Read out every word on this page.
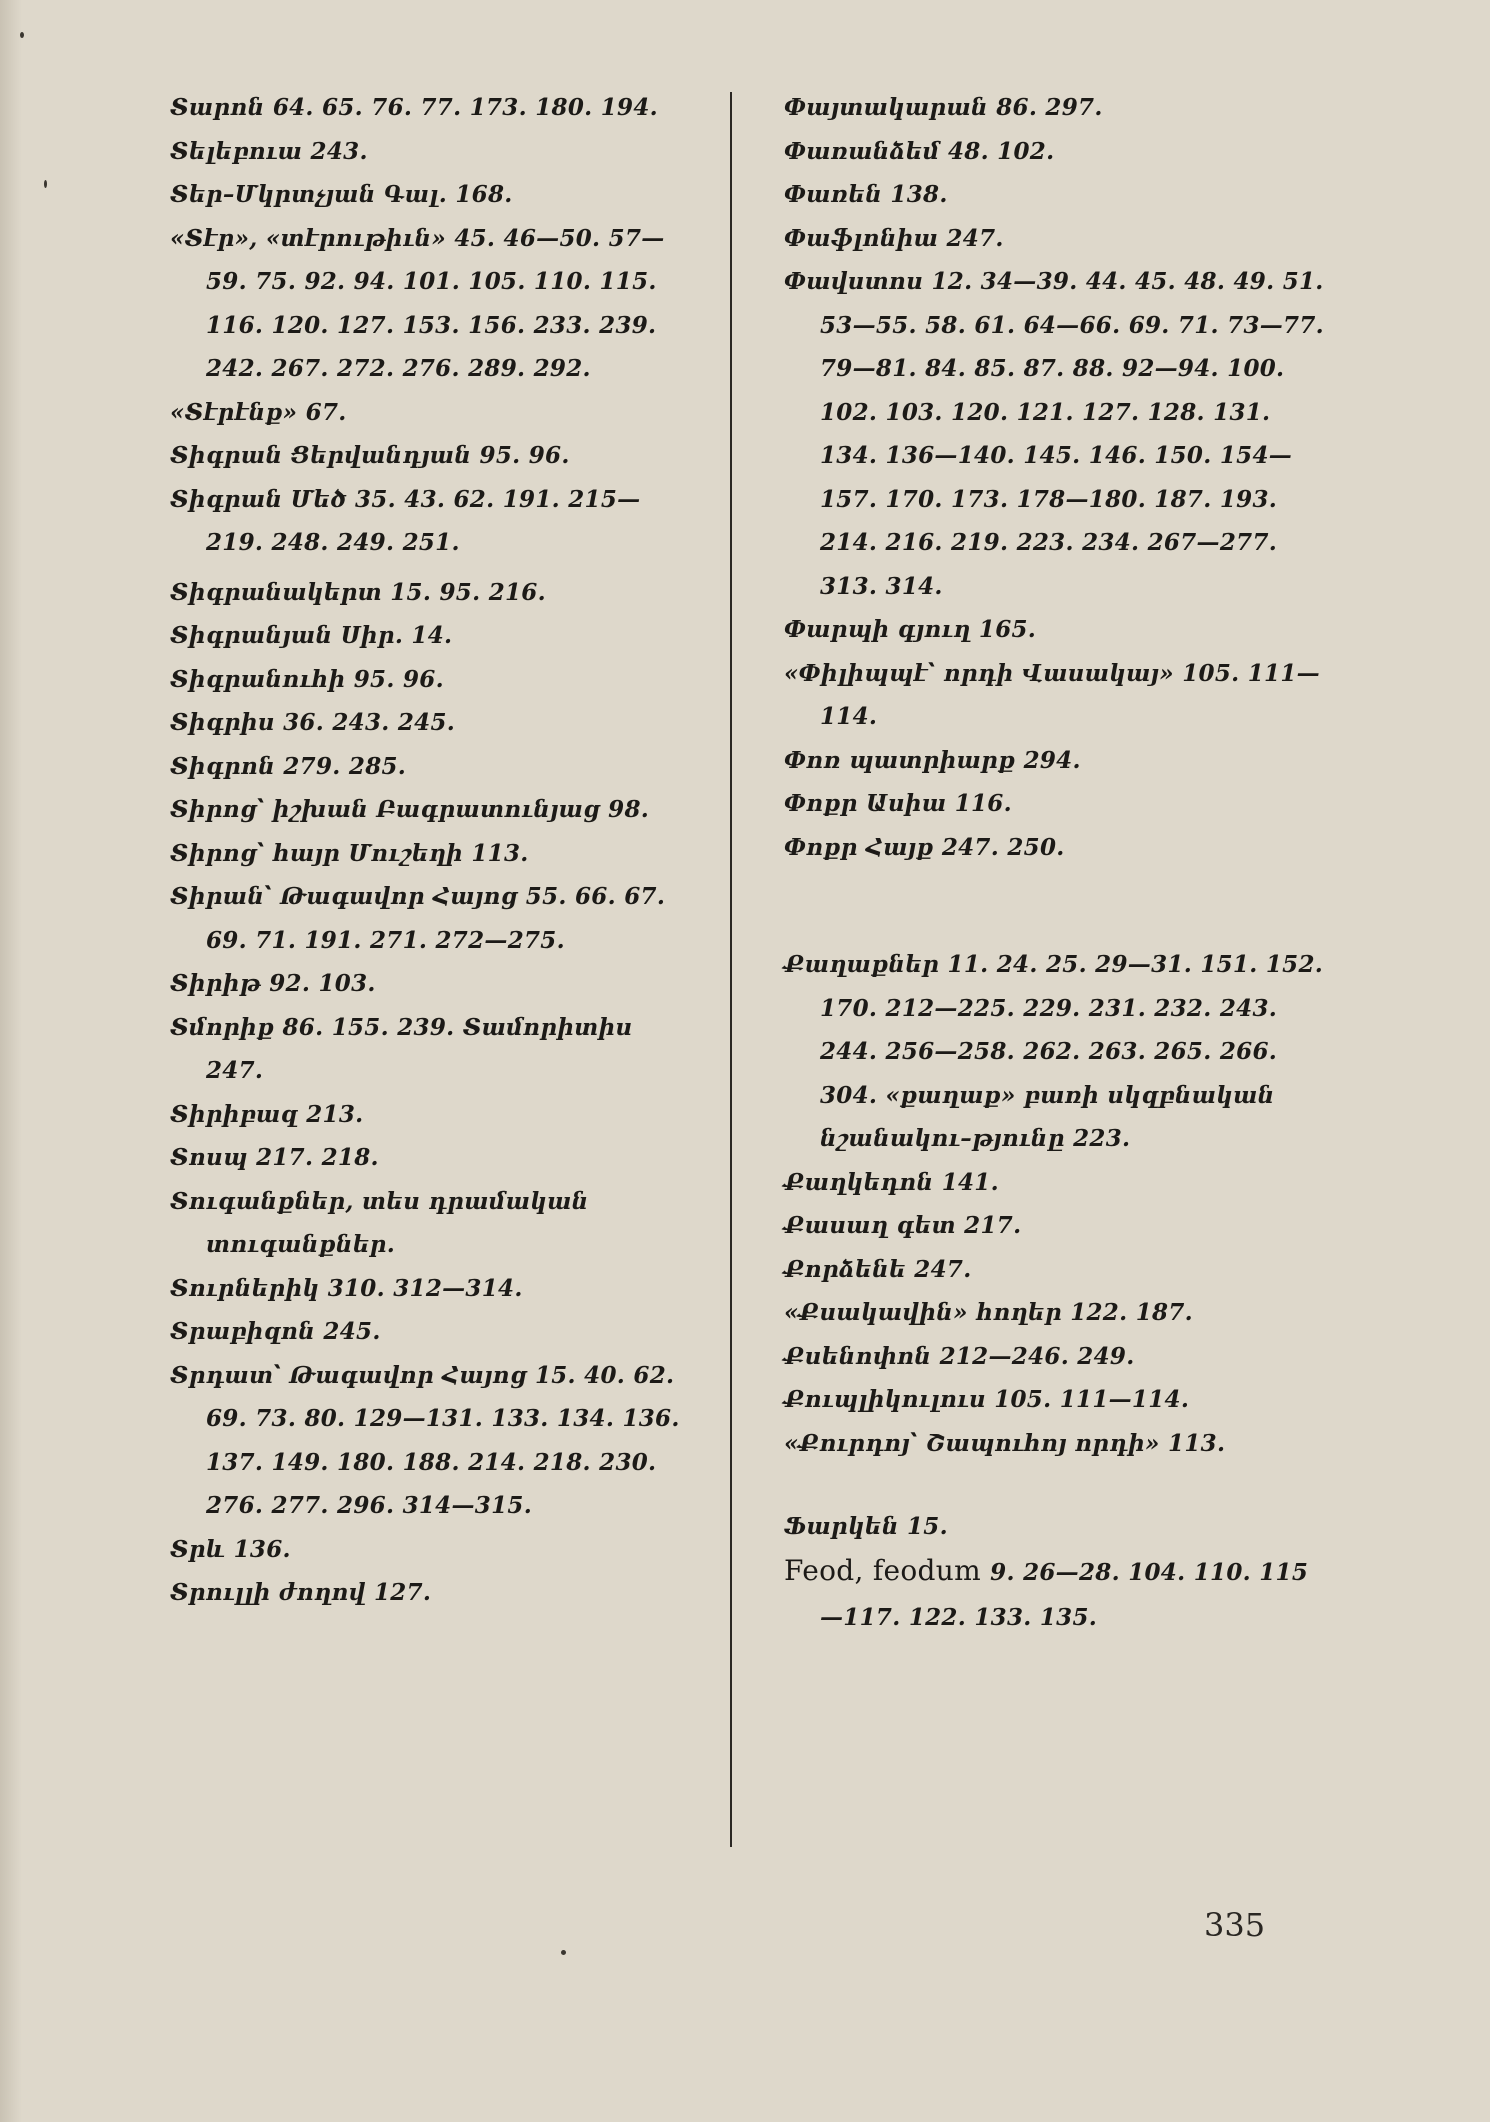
Տարոն 64. 65. 76. 77. 173. 180. 194.
Տելեբուա 243.
Տեր–Մկրտչյան Գալ. 168.
«Տէր», «տէրութիւն» 45. 46—50. 57—59. 75. 92. 94. 101. 105. 110. 115. 116. 120. 127. 153. 156. 233. 239. 242. 267. 272. 276. 289. 292.
«Տէրէնք» 67.
Տիգրան Ցերվանդյան 95. 96.
Տիգրան Մեծ 35. 43. 62. 191. 215—219. 248. 249. 251.
Տիգրանակերտ 15. 95. 216.
Տիգրանյան Սիր. 14.
Տիգրանուհի 95. 96.
Տիգրիս 36. 243. 245.
Տիգրոն 279. 285.
Տիրոց՝ իշխան Բագրատունյաց 98.
Տիրոց՝ հայր Մուշեղի 113.
Տիրան՝ Թագավոր Հայոց 55. 66. 67. 69. 71. 191. 271. 272—275.
Տիրիթ 92. 103.
Տմորիք 86. 155. 239. Տամորիտիս 247.
Տիրիբազ 213.
Տոսպ 217. 218.
Տուգանքներ, տես դրամական տուգանքներ.
Տուրներիկ 310. 312—314.
Տրաբիզոն 245.
Տրդատ՝ Թագավոր Հայոց 15. 40. 62. 69. 73. 80. 129—131. 133. 134. 136. 137. 149. 180. 188. 214. 218. 230. 276. 277. 296. 314—315.
Տրև 136.
Տրուլլի ժողով 127.
Փայտակարան 86. 297.
Փառանձեմ 48. 102.
Փառեն 138.
Փաֆլոնիա 247.
Փավստոս 12. 34—39. 44. 45. 48. 49. 51. 53—55. 58. 61. 64—66. 69. 71. 73—77. 79—81. 84. 85. 87. 88. 92—94. 100. 102. 103. 120. 121. 127. 128. 131. 134. 136—140. 145. 146. 150. 154—157. 170. 173. 178—180. 187. 193. 214. 216. 219. 223. 234. 267—277. 313. 314.
Փարպի գյուղ 165.
«Փիլիպպէ՝ որդի Վասակայ» 105. 111—114.
Փոռ պատրիարք 294.
Փոքր Ասիա 116.
Փոքր Հայք 247. 250.
Քաղաքներ 11. 24. 25. 29—31. 151. 152. 170. 212—225. 229. 231. 232. 243. 244. 256—258. 262. 263. 265. 266. 304. «քաղաք» բառի սկզբնական նշանակու–թյունը 223.
Քաղկեդոն 141.
Քասաղ գետ 217.
Քորձենե 247.
«Քսակավին» հողեր 122. 187.
Քսենոփոն 212—246. 249.
Քուպլիկուլուս 105. 111—114.
«Քուրդոյ՝ Շապուհոյ որդի» 113.
Ֆարկեն 15.
Feod, feodum 9. 26—28. 104. 110. 115—117. 122. 133. 135.
335
